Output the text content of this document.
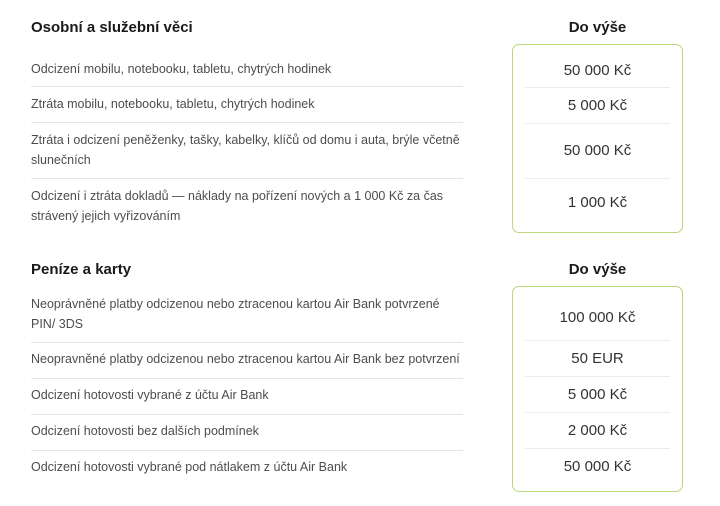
Osobní a služební věci	Do výše
Odcizení mobilu, notebooku, tabletu, chytrých hodinek
Ztráta mobilu, notebooku, tabletu, chytrých hodinek
Ztráta i odcizení peněženky, tašky, kabelky, klíčů od domu i auta, brýle včetně slunečních
Odcizení i ztráta dokladů — náklady na pořízení nových a 1 000 Kč za čas strávený jejich vyřizováním
50 000 Kč
5 000 Kč
50 000 Kč
1 000 Kč
Peníze a karty	Do výše
Neoprávněné platby odcizenou nebo ztracenou kartou Air Bank potvrzené PIN/ 3DS
Neopravněné platby odcizenou nebo ztracenou kartou Air Bank bez potvrzení
Odcizení hotovosti vybrané z účtu Air Bank
Odcizení hotovosti bez dalších podmínek
Odcizení hotovosti vybrané pod nátlakem z účtu Air Bank
100 000 Kč
50 EUR
5 000 Kč
2 000 Kč
50 000 Kč
